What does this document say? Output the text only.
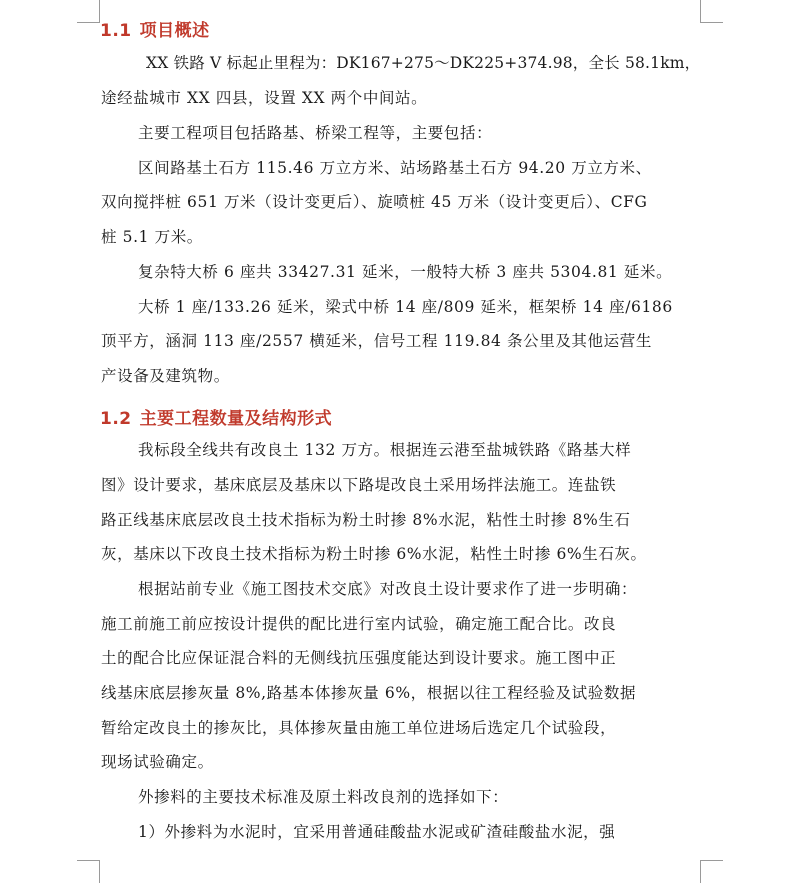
1.1 项目概述
XX 铁路 V 标起止里程为：DK167+275～DK225+374.98，全长 58.1km，
途经盐城市 XX 四县，设置 XX 两个中间站。
主要工程项目包括路基、桥梁工程等，主要包括：
区间路基土石方 115.46 万立方米、站场路基土石方 94.20 万立方米、
双向搅拌桩 651 万米（设计变更后）、旋喷桩 45 万米（设计变更后）、CFG
桩 5.1 万米。
复杂特大桥 6 座共 33427.31 延米，一般特大桥 3 座共 5304.81 延米。
大桥 1 座/133.26 延米，梁式中桥 14 座/809 延米，框架桥 14 座/6186
顶平方，涵洞 113 座/2557 横延米，信号工程 119.84 条公里及其他运营生
产设备及建筑物。
1.2 主要工程数量及结构形式
我标段全线共有改良土 132 万方。根据连云港至盐城铁路《路基大样
图》设计要求，基床底层及基床以下路堤改良土采用场拌法施工。连盐铁
路正线基床底层改良土技术指标为粉土时掺 8%水泥，粘性土时掺 8%生石
灰，基床以下改良土技术指标为粉土时掺 6%水泥，粘性土时掺 6%生石灰。
根据站前专业《施工图技术交底》对改良土设计要求作了进一步明确：
施工前施工前应按设计提供的配比进行室内试验，确定施工配合比。改良
土的配合比应保证混合料的无侧线抗压强度能达到设计要求。施工图中正
线基床底层掺灰量 8%,路基本体掺灰量 6%，根据以往工程经验及试验数据
暂给定改良土的掺灰比，具体掺灰量由施工单位进场后选定几个试验段，
现场试验确定。
外掺料的主要技术标准及原土料改良剂的选择如下：
1）外掺料为水泥时，宜采用普通硅酸盐水泥或矿渣硅酸盐水泥，强
